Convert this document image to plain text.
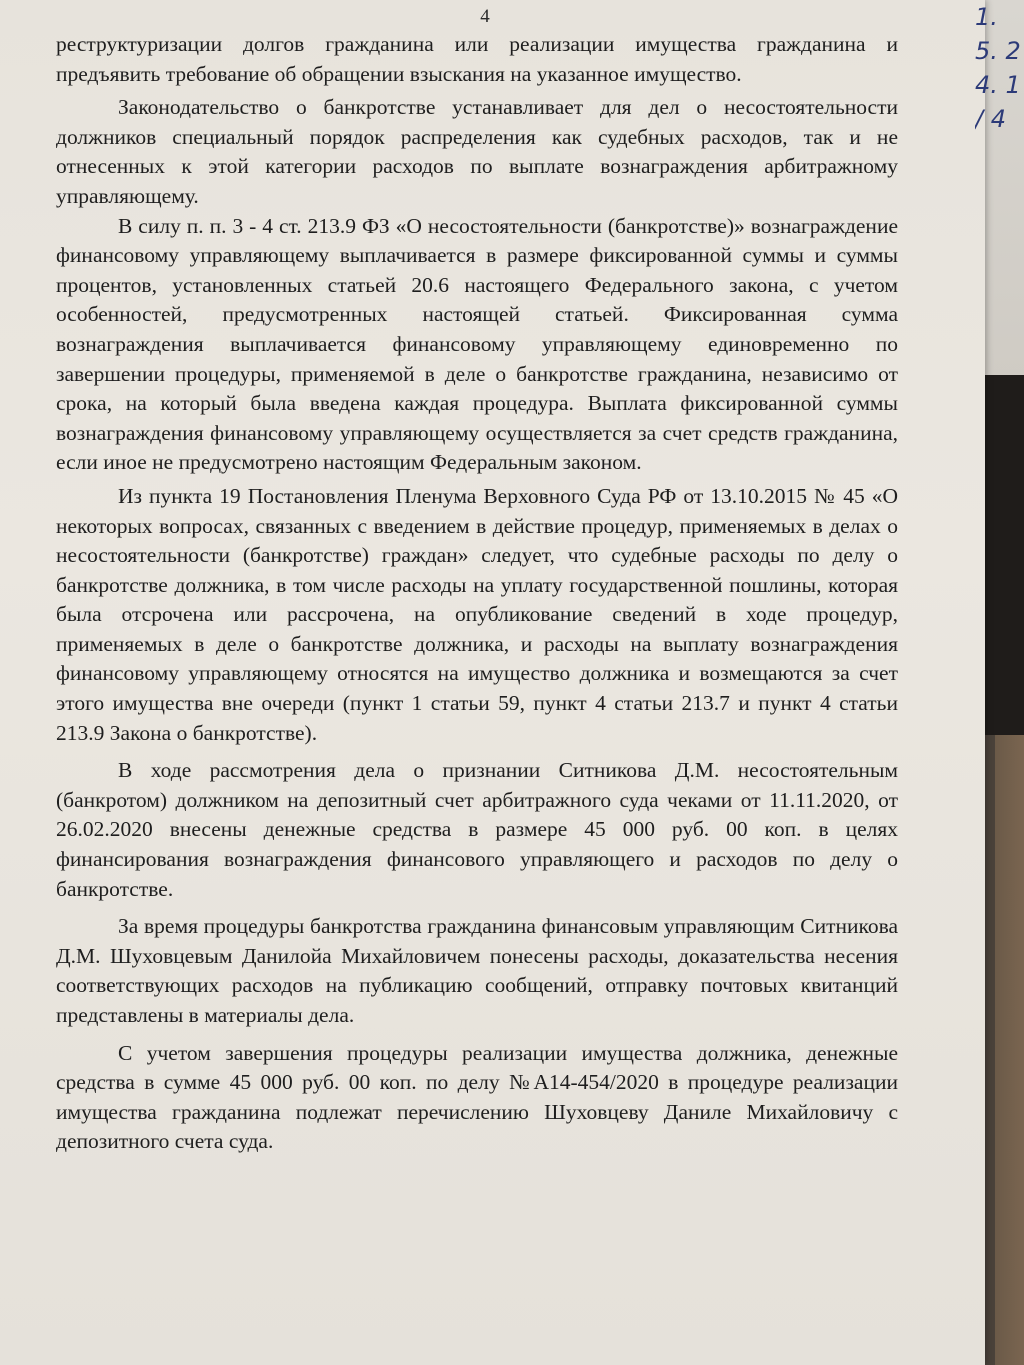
4

реструктуризации долгов гражданина или реализации имущества гражданина и предъявить требование об обращении взыскания на указанное имущество.

Законодательство о банкротстве устанавливает для дел о несостоятельности должников специальный порядок распределения как судебных расходов, так и не отнесенных к этой категории расходов по выплате вознаграждения арбитражному управляющему.

В силу п. п. 3 - 4 ст. 213.9 ФЗ «О несостоятельности (банкротстве)» вознаграждение финансовому управляющему выплачивается в размере фиксированной суммы и суммы процентов, установленных статьей 20.6 настоящего Федерального закона, с учетом особенностей, предусмотренных настоящей статьей. Фиксированная сумма вознаграждения выплачивается финансовому управляющему единовременно по завершении процедуры, применяемой в деле о банкротстве гражданина, независимо от срока, на который была введена каждая процедура. Выплата фиксированной суммы вознаграждения финансовому управляющему осуществляется за счет средств гражданина, если иное не предусмотрено настоящим Федеральным законом.

Из пункта 19 Постановления Пленума Верховного Суда РФ от 13.10.2015 № 45 «О некоторых вопросах, связанных с введением в действие процедур, применяемых в делах о несостоятельности (банкротстве) граждан» следует, что судебные расходы по делу о банкротстве должника, в том числе расходы на уплату государственной пошлины, которая была отсрочена или рассрочена, на опубликование сведений в ходе процедур, применяемых в деле о банкротстве должника, и расходы на выплату вознаграждения финансовому управляющему относятся на имущество должника и возмещаются за счет этого имущества вне очереди (пункт 1 статьи 59, пункт 4 статьи 213.7 и пункт 4 статьи 213.9 Закона о банкротстве).

В ходе рассмотрения дела о признании Ситникова Д.М. несостоятельным (банкротом) должником на депозитный счет арбитражного суда чеками от 11.11.2020, от 26.02.2020 внесены денежные средства в размере 45 000 руб. 00 коп. в целях финансирования вознаграждения финансового управляющего и расходов по делу о банкротстве.

За время процедуры банкротства гражданина финансовым управляющим Ситникова Д.М. Шуховцевым Данилойа Михайловичем понесены расходы, доказательства несения соответствующих расходов на публикацию сообщений, отправку почтовых квитанций представлены в материалы дела.

С учетом завершения процедуры реализации имущества должника, денежные средства в сумме 45 000 руб. 00 коп. по делу №А14-454/2020 в процедуре реализации имущества гражданина подлежат перечислению Шуховцеву Даниле Михайловичу с депозитного счета суда.

1.
5. 2
4. 1
/ 4
